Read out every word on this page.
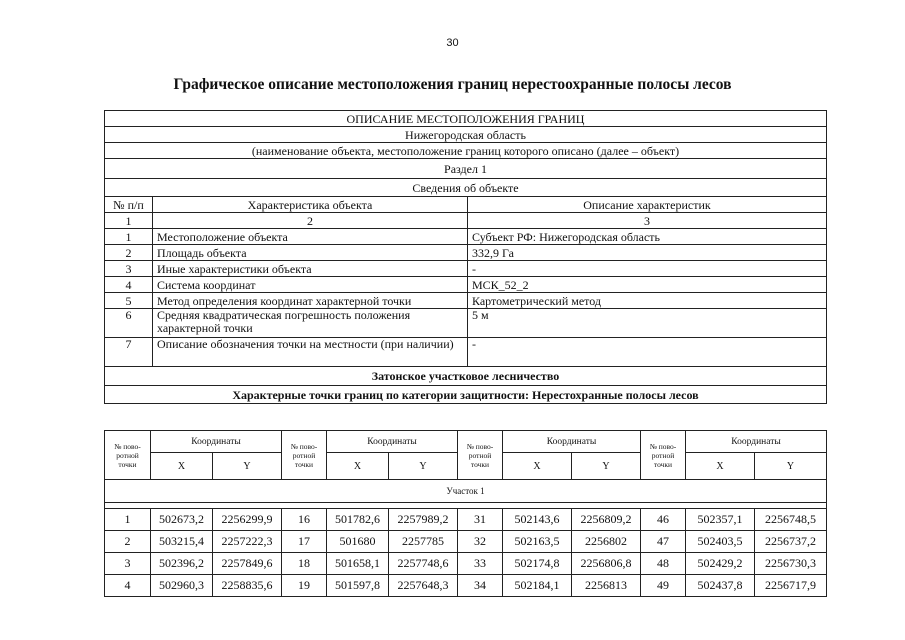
30
Графическое описание местоположения границ нерестоохранные полосы лесов
ОПИСАНИЕ МЕСТОПОЛОЖЕНИЯ ГРАНИЦ		
Нижегородская область		
(наименование объекта, местоположение границ которого описано (далее – объект)		
Раздел 1		
Сведения об объекте		
№ п/п	Характеристика объекта	Описание характеристик
1	2	3
1	Местоположение объекта	Субъект РФ: Нижегородская область
2	Площадь объекта	332,9 Га
3	Иные характеристики объекта	-
4	Система координат	МСК_52_2
5	Метод определения координат характерной точки	Картометрический метод
6	Средняя квадратическая погрешность положения характерной точки	5 м
7	Описание обозначения точки на местности (при наличии)	-
Затонское участковое лесничество		
Характерные точки границ по категории защитности: Нерестохранные полосы лесов		
№ пово-ротной точки	Координаты		№ пово-ротной точки	Координаты		№ пово-ротной точки	Координаты		№ пово-ротной точки	Координаты	
	X	Y		X	Y		X	Y		X	Y
Участок 1											

1	502673,2	2256299,9	16	501782,6	2257989,2	31	502143,6	2256809,2	46	502357,1	2256748,5
2	503215,4	2257222,3	17	501680	2257785	32	502163,5	2256802	47	502403,5	2256737,2
3	502396,2	2257849,6	18	501658,1	2257748,6	33	502174,8	2256806,8	48	502429,2	2256730,3
4	502960,3	2258835,6	19	501597,8	2257648,3	34	502184,1	2256813	49	502437,8	2256717,9
